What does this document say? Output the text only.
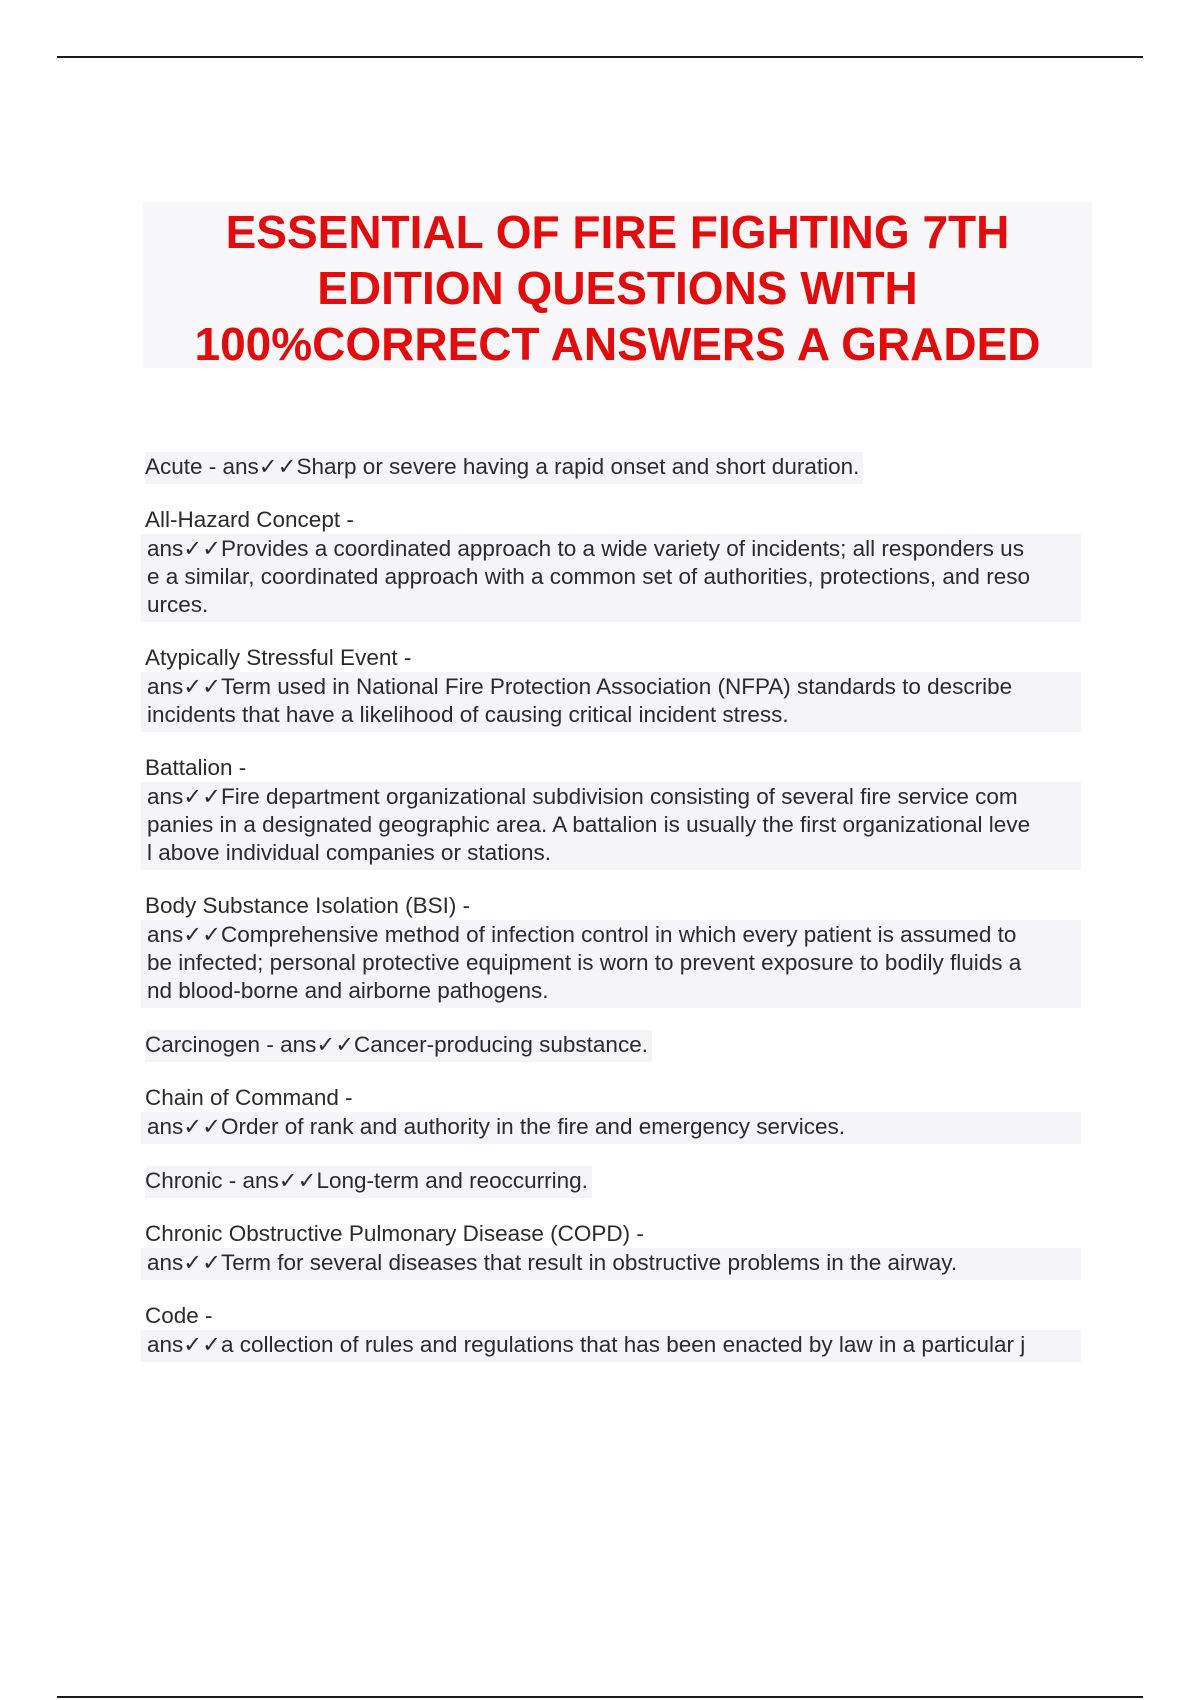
ESSENTIAL OF FIRE FIGHTING 7TH
EDITION QUESTIONS WITH
100%CORRECT ANSWERS A GRADED
Acute - ans✓✓Sharp or severe having a rapid onset and short duration.
All-Hazard Concept -
ans✓✓Provides a coordinated approach to a wide variety of incidents; all responders us
e a similar, coordinated approach with a common set of authorities, protections, and reso
urces.
Atypically Stressful Event -
ans✓✓Term used in National Fire Protection Association (NFPA) standards to describe
incidents that have a likelihood of causing critical incident stress.
Battalion -
ans✓✓Fire department organizational subdivision consisting of several fire service com
panies in a designated geographic area. A battalion is usually the first organizational leve
l above individual companies or stations.
Body Substance Isolation (BSI) -
ans✓✓Comprehensive method of infection control in which every patient is assumed to
be infected; personal protective equipment is worn to prevent exposure to bodily fluids a
nd blood-borne and airborne pathogens.
Carcinogen - ans✓✓Cancer-producing substance.
Chain of Command -
ans✓✓Order of rank and authority in the fire and emergency services.
Chronic - ans✓✓Long-term and reoccurring.
Chronic Obstructive Pulmonary Disease (COPD) -
ans✓✓Term for several diseases that result in obstructive problems in the airway.
Code -
ans✓✓a collection of rules and regulations that has been enacted by law in a particular j
